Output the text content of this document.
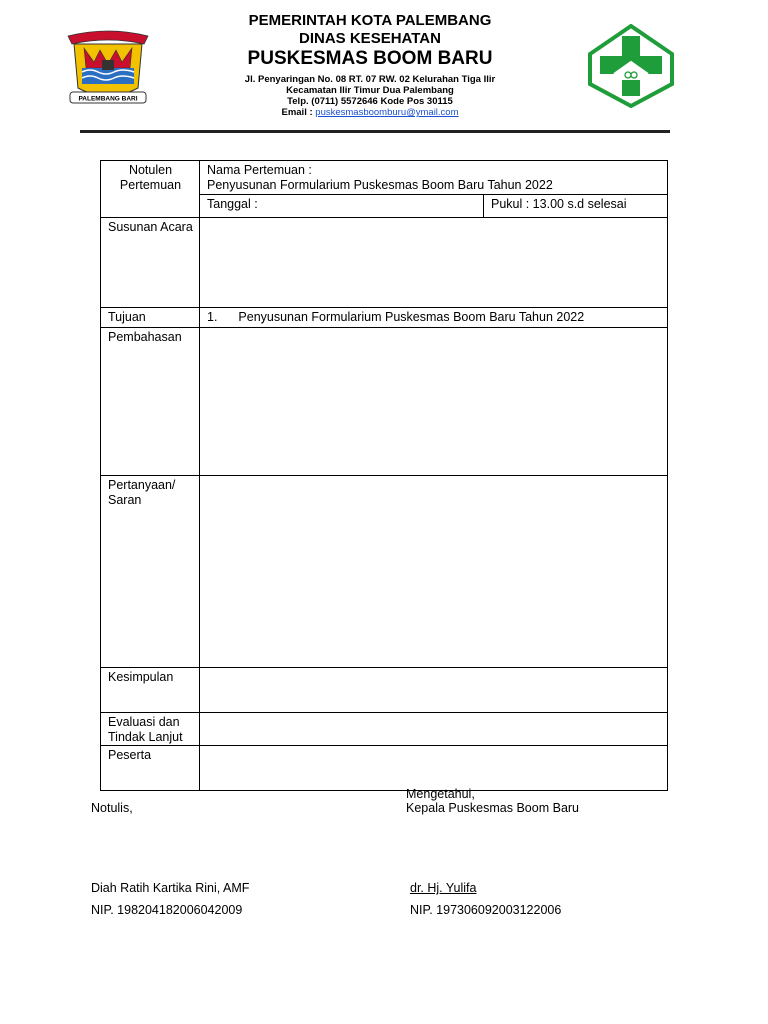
PALEMBANG BARI
PEMERINTAH KOTA PALEMBANG
DINAS KESEHATAN
PUSKESMAS BOOM BARU
Jl. Penyaringan No. 08 RT. 07 RW. 02 Kelurahan Tiga Ilir
Kecamatan Ilir Timur Dua Palembang
Telp. (0711) 5572646 Kode Pos 30115
Email : puskesmasboomburu@ymail.com
Notulen Pertemuan	Nama Pertemuan :
Penyusunan Formularium Puskesmas Boom Baru Tahun 2022	

	Tanggal :	Pukul : 13.00 s.d selesai
Susunan Acara		
Tujuan	1. Penyusunan Formularium Puskesmas Boom Baru Tahun 2022	
Pembahasan		
Pertanyaan/ Saran		
Kesimpulan		
Evaluasi dan Tindak Lanjut		
Peserta		
Mengetahui,
Notulis,	Kepala Puskesmas Boom Baru
Diah Ratih Kartika Rini, AMF	dr. Hj. Yulifa
NIP. 198204182006042009	NIP. 197306092003122006
